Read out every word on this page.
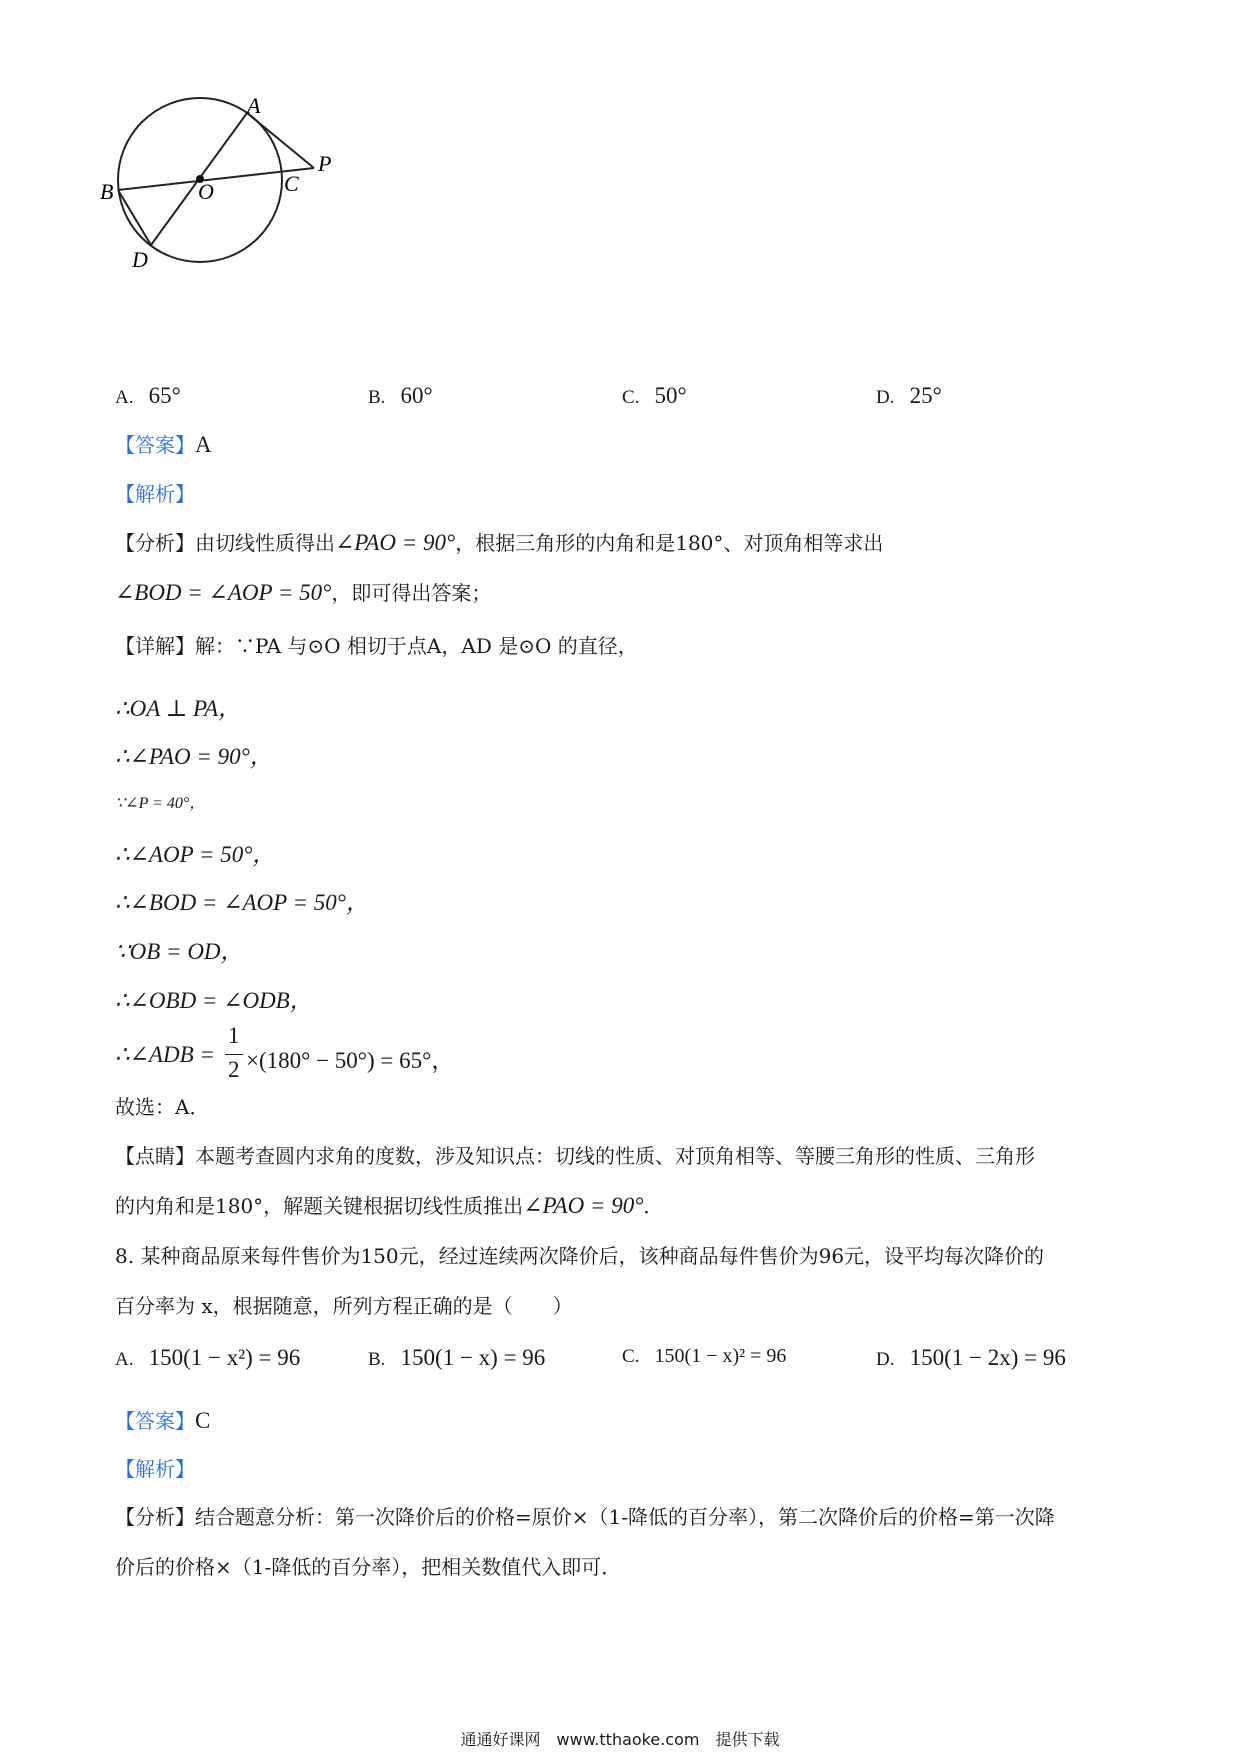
A
B	O	C
P
D
A. 65°	B. 60°	C. 50°	D. 25°
【答案】A
【解析】
【分析】由切线性质得出∠PAO = 90°，根据三角形的内角和是180°、对顶角相等求出
∠BOD = ∠AOP = 50°，即可得出答案；
【详解】解：∵PA 与⊙O 相切于点A，AD 是⊙O 的直径，
∴OA ⊥ PA，
∴∠PAO = 90°，
∵∠P = 40°，
∴∠AOP = 50°，
∴∠BOD = ∠AOP = 50°，
∵OB = OD，
∴∠OBD = ∠ODB，
∴∠ADB =
1
2 ×(180° − 50°) = 65°，
故选：A．
【点睛】本题考查圆内求角的度数，涉及知识点：切线的性质、对顶角相等、等腰三角形的性质、三角形
的内角和是180°，解题关键根据切线性质推出∠PAO = 90°．
8. 某种商品原来每件售价为150元，经过连续两次降价后，该种商品每件售价为96元，设平均每次降价的
百分率为 x，根据随意，所列方程正确的是（　　）
A. 150(1 − x²) = 96	B. 150(1 − x) = 96	C. 150(1 − x)² = 96	D. 150(1 − 2x) = 96
【答案】C
【解析】
【分析】结合题意分析：第一次降价后的价格=原价×（1-降低的百分率），第二次降价后的价格=第一次降
价后的价格×（1-降低的百分率），把相关数值代入即可．
通通好课网　www.tthaoke.com　提供下载
